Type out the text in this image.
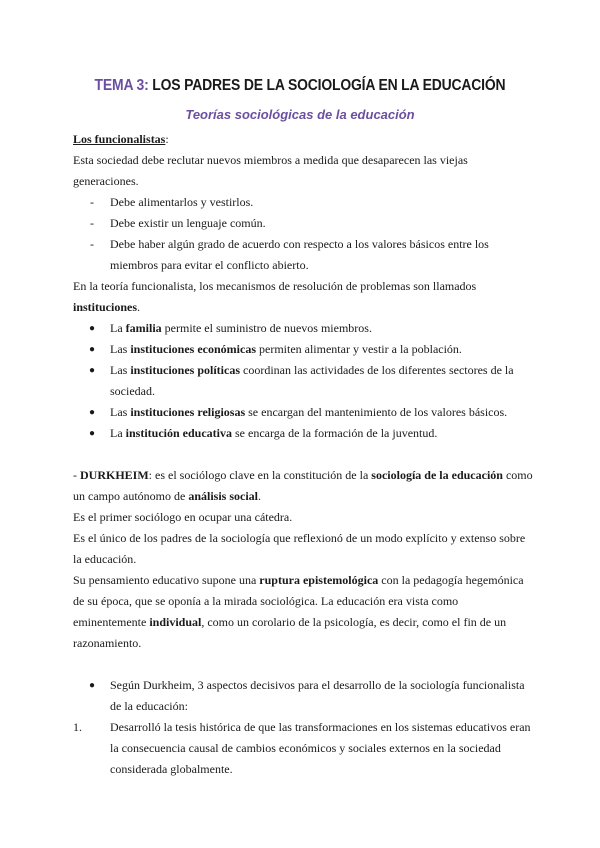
TEMA 3: LOS PADRES DE LA SOCIOLOGÍA EN LA EDUCACIÓN
Teorías sociológicas de la educación

Los funcionalistas:

Esta sociedad debe reclutar nuevos miembros a medida que desaparecen las viejas generaciones.

- Debe alimentarlos y vestirlos.
- Debe existir un lenguaje común.
- Debe haber algún grado de acuerdo con respecto a los valores básicos entre los miembros para evitar el conflicto abierto.

En la teoría funcionalista, los mecanismos de resolución de problemas son llamados instituciones.

● La familia permite el suministro de nuevos miembros.
● Las instituciones económicas permiten alimentar y vestir a la población.
● Las instituciones políticas coordinan las actividades de los diferentes sectores de la sociedad.
● Las instituciones religiosas se encargan del mantenimiento de los valores básicos.
● La institución educativa se encarga de la formación de la juventud.

- DURKHEIM: es el sociólogo clave en la constitución de la sociología de la educación como un campo autónomo de análisis social.

Es el primer sociólogo en ocupar una cátedra.

Es el único de los padres de la sociología que reflexionó de un modo explícito y extenso sobre la educación.

Su pensamiento educativo supone una ruptura epistemológica con la pedagogía hegemónica de su época, que se oponía a la mirada sociológica. La educación era vista como eminentemente individual, como un corolario de la psicología, es decir, como el fin de un razonamiento.

● Según Durkheim, 3 aspectos decisivos para el desarrollo de la sociología funcionalista de la educación:
1. Desarrolló la tesis histórica de que las transformaciones en los sistemas educativos eran la consecuencia causal de cambios económicos y sociales externos en la sociedad considerada globalmente.
